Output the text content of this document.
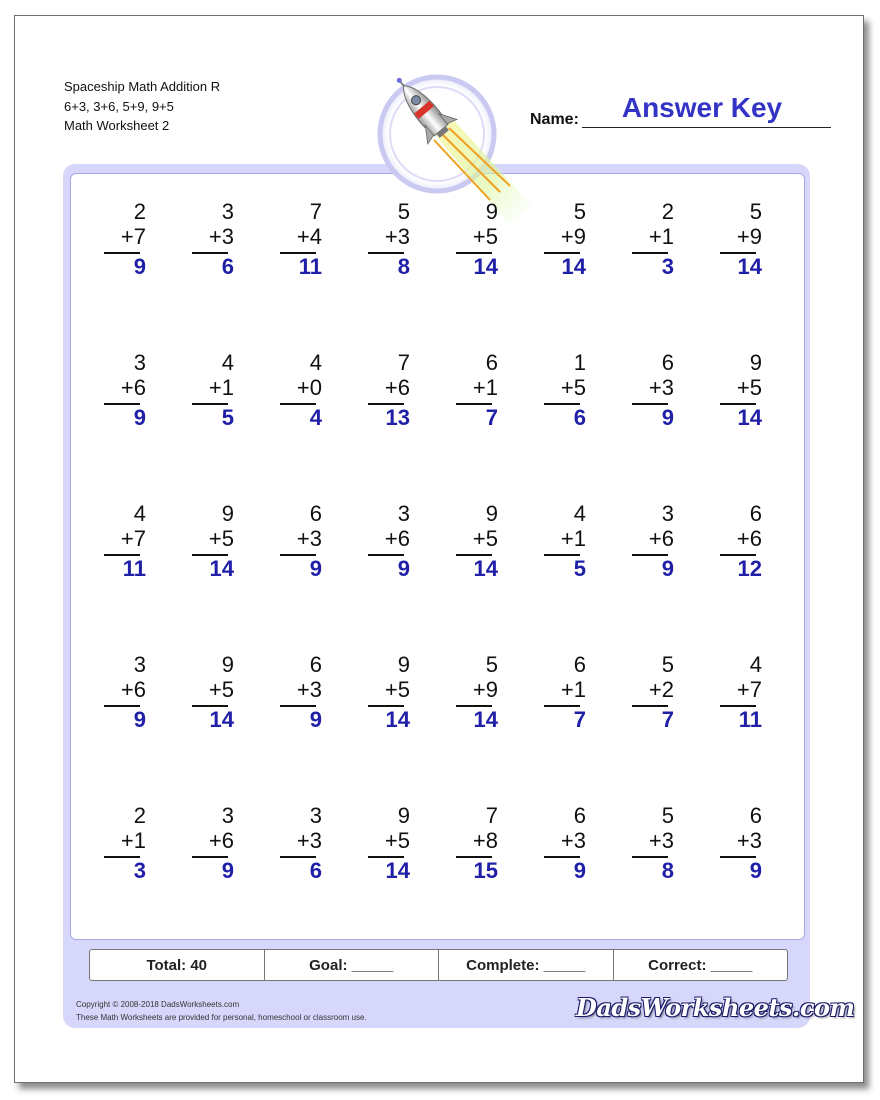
Spaceship Math Addition R
6+3, 3+6, 5+9, 9+5
Math Worksheet 2	Name:	Answer Key
2
+7
9
3
+3
6
7
+4
11
5
+3
8
9
+5
14
5
+9
14
2
+1
3
5
+9
14
3
+6
9
4
+1
5
4
+0
4
7
+6
13
6
+1
7
1
+5
6
6
+3
9
9
+5
14
4
+7
11
9
+5
14
6
+3
9
3
+6
9
9
+5
14
4
+1
5
3
+6
9
6
+6
12
3
+6
9
9
+5
14
6
+3
9
9
+5
14
5
+9
14
6
+1
7
5
+2
7
4
+7
11
2
+1
3
3
+6
9
3
+3
6
9
+5
14
7
+8
15
6
+3
9
5
+3
8
6
+3
9
Total: 40	Goal: _____	Complete: _____	Correct: _____
Copyright © 2008-2018 DadsWorksheets.com
These Math Worksheets are provided for personal, homeschool or classroom use.	DadsWorksheets.com
